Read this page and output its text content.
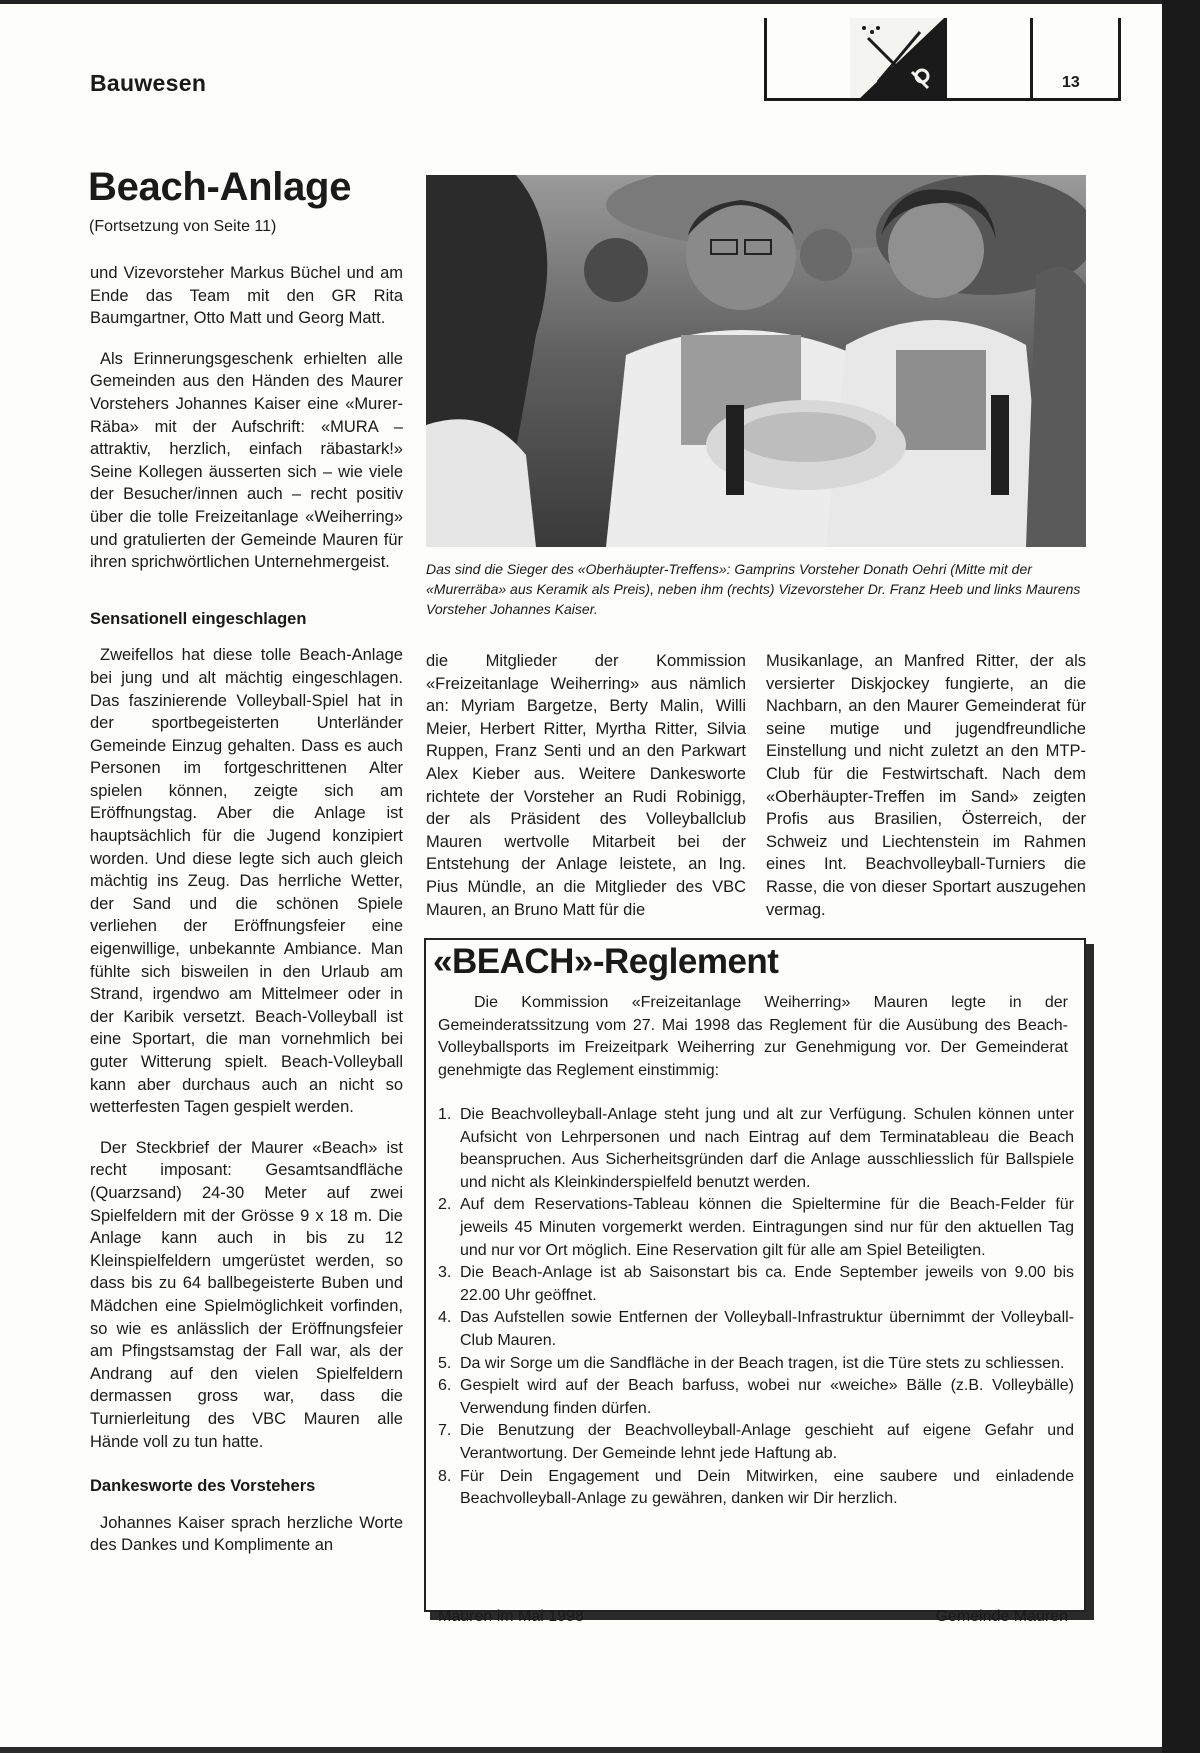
Bauwesen	13
Beach-Anlage
(Fortsetzung von Seite 11)

und Vizevorsteher Markus Büchel und am Ende das Team mit den GR Rita Baumgartner, Otto Matt und Georg Matt.

Als Erinnerungsgeschenk erhielten alle Gemeinden aus den Händen des Maurer Vorstehers Johannes Kaiser eine «Murer-Räba» mit der Aufschrift: «MURA – attraktiv, herzlich, einfach räbastark!» Seine Kollegen äusserten sich – wie viele der Besucher/innen auch – recht positiv über die tolle Freizeitanlage «Weiherring» und gratulierten der Gemeinde Mauren für ihren sprichwörtlichen Unternehmergeist.

Sensationell eingeschlagen

Zweifellos hat diese tolle Beach-Anlage bei jung und alt mächtig eingeschlagen. Das faszinierende Volleyball-Spiel hat in der sportbegeisterten Unterländer Gemeinde Einzug gehalten. Dass es auch Personen im fortgeschrittenen Alter spielen können, zeigte sich am Eröffnungstag. Aber die Anlage ist hauptsächlich für die Jugend konzipiert worden. Und diese legte sich auch gleich mächtig ins Zeug. Das herrliche Wetter, der Sand und die schönen Spiele verliehen der Eröffnungsfeier eine eigenwillige, unbekannte Ambiance. Man fühlte sich bisweilen in den Urlaub am Strand, irgendwo am Mittelmeer oder in der Karibik versetzt. Beach-Volleyball ist eine Sportart, die man vornehmlich bei guter Witterung spielt. Beach-Volleyball kann aber durchaus auch an nicht so wetterfesten Tagen gespielt werden.

Der Steckbrief der Maurer «Beach» ist recht imposant: Gesamtsandfläche (Quarzsand) 24-30 Meter auf zwei Spielfeldern mit der Grösse 9 x 18 m. Die Anlage kann auch in bis zu 12 Kleinspielfeldern umgerüstet werden, so dass bis zu 64 ballbegeisterte Buben und Mädchen eine Spielmöglichkeit vorfinden, so wie es anlässlich der Eröffnungsfeier am Pfingstsamstag der Fall war, als der Andrang auf den vielen Spielfeldern dermassen gross war, dass die Turnierleitung des VBC Mauren alle Hände voll zu tun hatte.

Dankesworte des Vorstehers

Johannes Kaiser sprach herzliche Worte des Dankes und Komplimente an

Das sind die Sieger des «Oberhäupter-Treffens»: Gamprins Vorsteher Donath Oehri (Mitte mit der «Murerräba» aus Keramik als Preis), neben ihm (rechts) Vizevorsteher Dr. Franz Heeb und links Maurens Vorsteher Johannes Kaiser.

die Mitglieder der Kommission «Freizeitanlage Weiherring» aus nämlich an: Myriam Bargetze, Berty Malin, Willi Meier, Herbert Ritter, Myrtha Ritter, Silvia Ruppen, Franz Senti und an den Parkwart Alex Kieber aus. Weitere Dankesworte richtete der Vorsteher an Rudi Robinigg, der als Präsident des Volleyballclub Mauren wertvolle Mitarbeit bei der Entstehung der Anlage leistete, an Ing. Pius Mündle, an die Mitglieder des VBC Mauren, an Bruno Matt für die

Musikanlage, an Manfred Ritter, der als versierter Diskjockey fungierte, an die Nachbarn, an den Maurer Gemeinderat für seine mutige und jugendfreundliche Einstellung und nicht zuletzt an den MTP-Club für die Festwirtschaft. Nach dem «Oberhäupter-Treffen im Sand» zeigten Profis aus Brasilien, Österreich, der Schweiz und Liechtenstein im Rahmen eines Int. Beachvolleyball-Turniers die Rasse, die von dieser Sportart auszugehen vermag.

«BEACH»-Reglement

Die Kommission «Freizeitanlage Weiherring» Mauren legte in der Gemeinderatssitzung vom 27. Mai 1998 das Reglement für die Ausübung des Beach-Volleyballsports im Freizeitpark Weiherring zur Genehmigung vor. Der Gemeinderat genehmigte das Reglement einstimmig:

1. Die Beachvolleyball-Anlage steht jung und alt zur Verfügung. Schulen können unter Aufsicht von Lehrpersonen und nach Eintrag auf dem Terminatableau die Beach beanspruchen. Aus Sicherheitsgründen darf die Anlage ausschliesslich für Ballspiele und nicht als Kleinkinderspielfeld benutzt werden.
2. Auf dem Reservations-Tableau können die Spieltermine für die Beach-Felder für jeweils 45 Minuten vorgemerkt werden. Eintragungen sind nur für den aktuellen Tag und nur vor Ort möglich. Eine Reservation gilt für alle am Spiel Beteiligten.
3. Die Beach-Anlage ist ab Saisonstart bis ca. Ende September jeweils von 9.00 bis 22.00 Uhr geöffnet.
4. Das Aufstellen sowie Entfernen der Volleyball-Infrastruktur übernimmt der Volleyball-Club Mauren.
5. Da wir Sorge um die Sandfläche in der Beach tragen, ist die Türe stets zu schliessen.
6. Gespielt wird auf der Beach barfuss, wobei nur «weiche» Bälle (z.B. Volleybälle) Verwendung finden dürfen.
7. Die Benutzung der Beachvolleyball-Anlage geschieht auf eigene Gefahr und Verantwortung. Der Gemeinde lehnt jede Haftung ab.
8. Für Dein Engagement und Dein Mitwirken, eine saubere und einladende Beachvolleyball-Anlage zu gewähren, danken wir Dir herzlich.
Mauren im Mai 1998	Gemeinde Mauren
